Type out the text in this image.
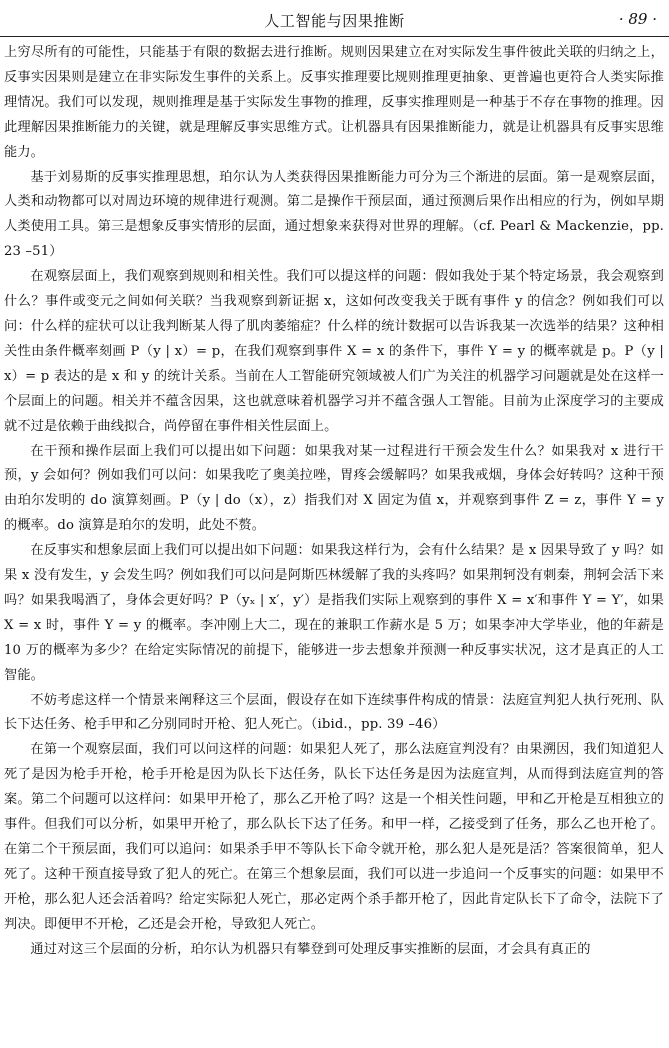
人工智能与因果推断	· 89 ·

上穷尽所有的可能性，只能基于有限的数据去进行推断。规则因果建立在对实际发生事件彼此关联的归纳之上，反事实因果则是建立在非实际发生事件的关系上。反事实推理要比规则推理更抽象、更普遍也更符合人类实际推理情况。我们可以发现，规则推理是基于实际发生事物的推理，反事实推理则是一种基于不存在事物的推理。因此理解因果推断能力的关键，就是理解反事实思维方式。让机器具有因果推断能力，就是让机器具有反事实思维能力。

基于刘易斯的反事实推理思想，珀尔认为人类获得因果推断能力可分为三个渐进的层面。第一是观察层面，人类和动物都可以对周边环境的规律进行观测。第二是操作干预层面，通过预测后果作出相应的行为，例如早期人类使用工具。第三是想象反事实情形的层面，通过想象来获得对世界的理解。（cf. Pearl & Mackenzie，pp. 23 –51）

在观察层面上，我们观察到规则和相关性。我们可以提这样的问题：假如我处于某个特定场景，我会观察到什么？事件或变元之间如何关联？当我观察到新证据 x，这如何改变我关于既有事件 y 的信念？例如我们可以问：什么样的症状可以让我判断某人得了肌肉萎缩症？什么样的统计数据可以告诉我某一次选举的结果？这种相关性由条件概率刻画 P（y | x）= p，在我们观察到事件 X = x 的条件下，事件 Y = y 的概率就是 p。P（y | x）= p 表达的是 x 和 y 的统计关系。当前在人工智能研究领域被人们广为关注的机器学习问题就是处在这样一个层面上的问题。相关并不蕴含因果，这也就意味着机器学习并不蕴含强人工智能。目前为止深度学习的主要成就不过是依赖于曲线拟合，尚停留在事件相关性层面上。

在干预和操作层面上我们可以提出如下问题：如果我对某一过程进行干预会发生什么？如果我对 x 进行干预，y 会如何？例如我们可以问：如果我吃了奥美拉唑，胃疼会缓解吗？如果我戒烟，身体会好转吗？这种干预由珀尔发明的 do 演算刻画。P（y | do（x），z）指我们对 X 固定为值 x，并观察到事件 Z = z，事件 Y = y 的概率。do 演算是珀尔的发明，此处不赘。

在反事实和想象层面上我们可以提出如下问题：如果我这样行为，会有什么结果？是 x 因果导致了 y 吗？如果 x 没有发生，y 会发生吗？例如我们可以问是阿斯匹林缓解了我的头疼吗？如果荆轲没有刺秦，荆轲会活下来吗？如果我喝酒了，身体会更好吗？P（yₓ | x′，y′）是指我们实际上观察到的事件 X = x′和事件 Y = Y′，如果 X = x 时，事件 Y = y 的概率。李冲刚上大二，现在的兼职工作薪水是 5 万；如果李冲大学毕业，他的年薪是 10 万的概率为多少？在给定实际情况的前提下，能够进一步去想象并预测一种反事实状况，这才是真正的人工智能。

不妨考虑这样一个情景来阐释这三个层面，假设存在如下连续事件构成的情景：法庭宣判犯人执行死刑、队长下达任务、枪手甲和乙分别同时开枪、犯人死亡。（ibid.，pp. 39 –46）

在第一个观察层面，我们可以问这样的问题：如果犯人死了，那么法庭宣判没有？由果溯因，我们知道犯人死了是因为枪手开枪，枪手开枪是因为队长下达任务，队长下达任务是因为法庭宣判，从而得到法庭宣判的答案。第二个问题可以这样问：如果甲开枪了，那么乙开枪了吗？这是一个相关性问题，甲和乙开枪是互相独立的事件。但我们可以分析，如果甲开枪了，那么队长下达了任务。和甲一样，乙接受到了任务，那么乙也开枪了。在第二个干预层面，我们可以追问：如果杀手甲不等队长下命令就开枪，那么犯人是死是活？答案很简单，犯人死了。这种干预直接导致了犯人的死亡。在第三个想象层面，我们可以进一步追问一个反事实的问题：如果甲不开枪，那么犯人还会活着吗？给定实际犯人死亡，那必定两个杀手都开枪了，因此肯定队长下了命令，法院下了判决。即便甲不开枪，乙还是会开枪，导致犯人死亡。

通过对这三个层面的分析，珀尔认为机器只有攀登到可处理反事实推断的层面，才会具有真正的
